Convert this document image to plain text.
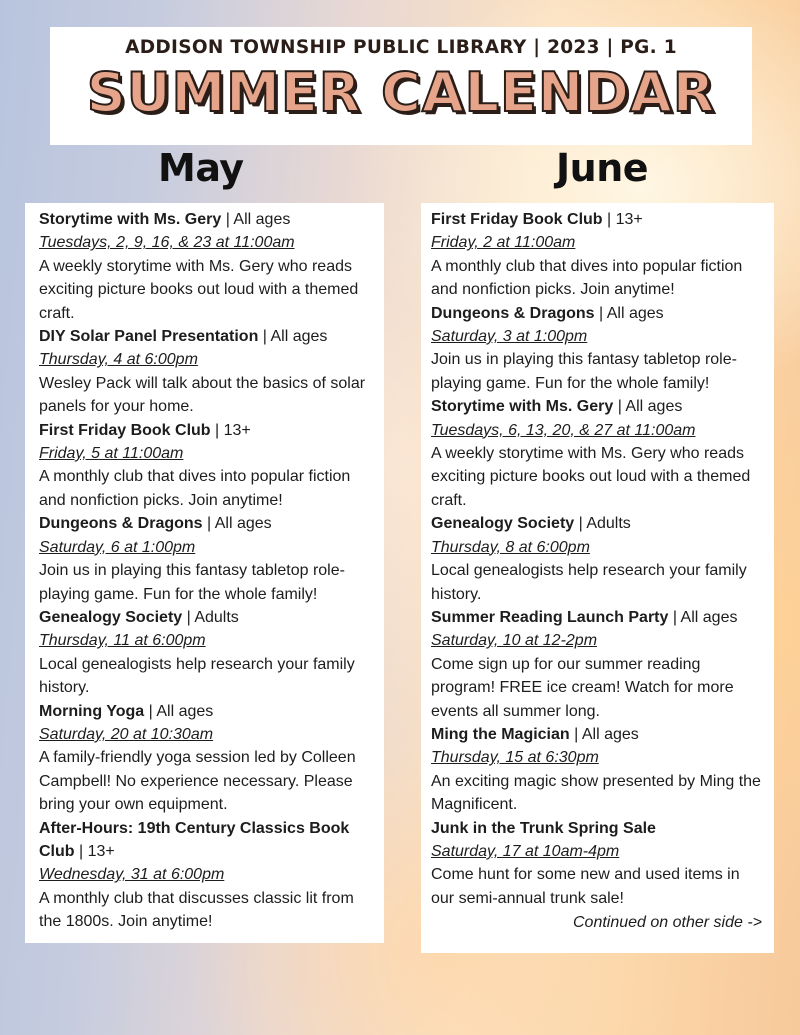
ADDISON TOWNSHIP PUBLIC LIBRARY | 2023 | PG. 1
SUMMER CALENDAR
May	June

Storytime with Ms. Gery | All ages

Tuesdays, 2, 9, 16, & 23 at 11:00am

A weekly storytime with Ms. Gery who reads exciting picture books out loud with a themed craft.

DIY Solar Panel Presentation | All ages

Thursday, 4 at 6:00pm

Wesley Pack will talk about the basics of solar panels for your home.

First Friday Book Club | 13+

Friday, 5 at 11:00am

A monthly club that dives into popular fiction and nonfiction picks. Join anytime!

Dungeons & Dragons | All ages

Saturday, 6 at 1:00pm

Join us in playing this fantasy tabletop role-playing game. Fun for the whole family!

Genealogy Society | Adults

Thursday, 11 at 6:00pm

Local genealogists help research your family history.

Morning Yoga | All ages

Saturday, 20 at 10:30am

A family-friendly yoga session led by Colleen Campbell! No experience necessary. Please bring your own equipment.

After-Hours: 19th Century Classics Book Club | 13+

Wednesday, 31 at 6:00pm

A monthly club that discusses classic lit from the 1800s. Join anytime!

First Friday Book Club | 13+

Friday, 2 at 11:00am

A monthly club that dives into popular fiction and nonfiction picks. Join anytime!

Dungeons & Dragons | All ages

Saturday, 3 at 1:00pm

Join us in playing this fantasy tabletop role-playing game. Fun for the whole family!

Storytime with Ms. Gery | All ages

Tuesdays, 6, 13, 20, & 27 at 11:00am

A weekly storytime with Ms. Gery who reads exciting picture books out loud with a themed craft.

Genealogy Society | Adults

Thursday, 8 at 6:00pm

Local genealogists help research your family history.

Summer Reading Launch Party | All ages

Saturday, 10 at 12-2pm

Come sign up for our summer reading program! FREE ice cream! Watch for more events all summer long.

Ming the Magician | All ages

Thursday, 15 at 6:30pm

An exciting magic show presented by Ming the Magnificent.

Junk in the Trunk Spring Sale

Saturday, 17 at 10am-4pm

Come hunt for some new and used items in our semi-annual trunk sale!

Continued on other side ->
